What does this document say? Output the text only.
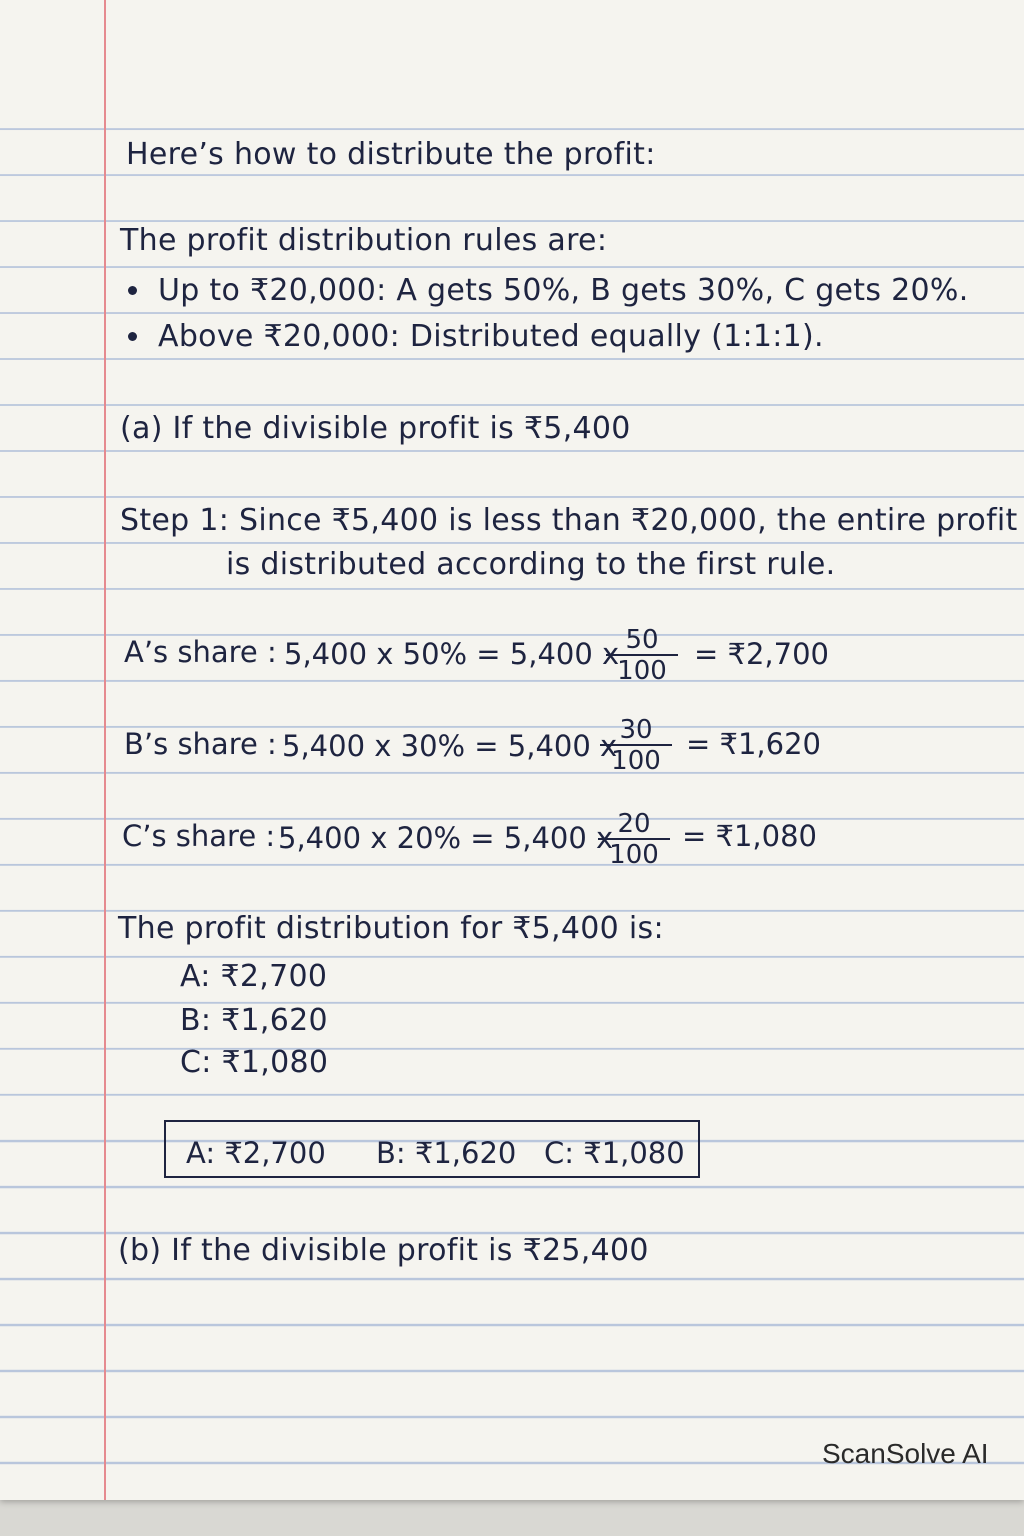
Here’s how to distribute the profit:
The profit distribution rules are:
Up to ₹20,000: A gets 50%, B gets 30%, C gets 20%.
Above ₹20,000: Distributed equally (1:1:1).
(a) If the divisible profit is ₹5,400
Step 1: Since ₹5,400 is less than ₹20,000, the entire profit
is distributed according to the first rule.
A’s share : 5,400 x 50% = 5,400 x
$\frac{50}{100}$ = ₹2,700
B’s share : 5,400 x 30% = 5,400 x
$\frac{30}{100}$ = ₹1,620
C’s share : 5,400 x 20% = 5,400 x
$\frac{20}{100}$ = ₹1,080
The profit distribution for ₹5,400 is:
A: ₹2,700
B: ₹1,620
C: ₹1,080
A: ₹2,700 B: ₹1,620 C: ₹1,080
(b) If the divisible profit is ₹25,400
ScanSolve AI
